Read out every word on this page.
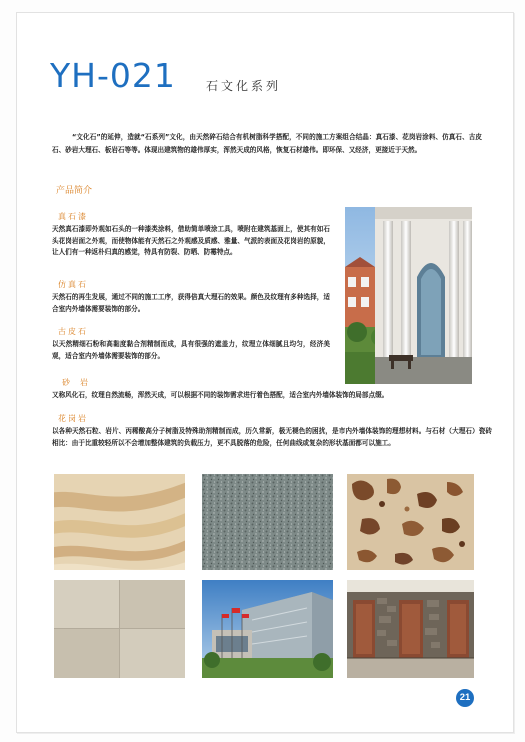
YH-021	石文化系列
“文化石”的延伸，造就“石系列”文化，由天然碎石结合有机树脂科学搭配，不同的施工方案组合结晶：真石漆、花岗岩涂料、仿真石、古皮石、砂岩大理石、板岩石等等。体现出建筑物的雄伟厚实，浑然天成的风格，恢复石材雄伟。即环保、又经济，更接近于天然。
产品简介
真石漆
天然真石漆即外观如石头的一种漆类涂料，借助简单喷涂工具，喷附在建筑基面上，使其有如石头花岗岩面之外观，而使物体能有天然石之外观感及质感、雅量、气派的表面及花岗岩的原貌，让人们有一种返朴归真的感觉，特具有防裂、防晒、防霉特点。
仿真石
天然石的再生发展，通过不同的施工工序，获得倍真大理石的效果。颜色及纹理有多种选择，适合室内外墙体需要装饰的部分。
古皮石
以天然精细石粉和高黏度黏合剂精制而成，具有很强的遮盖力，纹理立体细腻且均匀，经济美观，适合室内外墙体需要装饰的部分。
砂岩
又称风化石，纹理自然流畅，浑然天成，可以根据不同的装饰需求进行着色搭配，适合室内外墙体装饰的局部点缀。
花岗岩
以各种天然石粒、岩片、丙稀酸高分子树脂及特殊助剂精制而成，历久常新，极无褪色的困扰，是市内外墙体装饰的理想材料。与石材（大理石）瓷砖相比：由于比重较轻所以不会增加整体建筑的负载压力，更不具脱落的危险，任何曲线或复杂的形状基面都可以施工。
21
